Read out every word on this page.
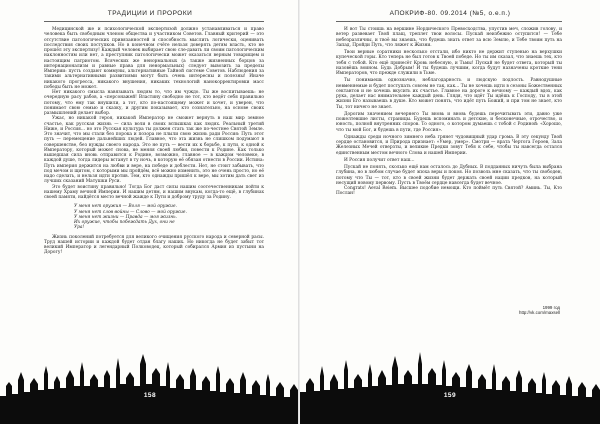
ТРАДИЦИИ И ПРОРОКИ

Медицинской же и психологической экспертизой должно устанавливаться и право человека быть свободным членом общества и участником Советов. Главный критерий — это отсутствие патологических привязанностей и способность мыслить логически, оценивать последствия своих поступков. Но в конечном счёте нельзя доверять детям власть, кто не прошёл эту экспертизу! Каждый человек выбирает свою сле-давать ли своим патологическим наклонностям или нет, а преступник патологически может оказаться верным товарищем и настоящим патриотом. Всяческих же ненормальных (а также жизненных борцов за интернационализм и равные права для ненормальных) следует вывозить за пределы Империи: пусть создают коммуны, альтернативные Тайной системе Советов. Наблюдения за такими альтернативными развитиями могут быть очень интересны и полезны! Иначе никакого прогресса, никакого внушения, никаких технологий нанокорректировки масс победы быть не может.

Нет никакого смысла навязывать людям то, что им чуждо. Ты же воспитываешь: не очередную расу рабов, а «персонажей! Властину свободно не тот, кто ведёт себя правильно потому, что ему так внушили, а тот, кто по-настоящему может и хочет, и уверен, что понимает свою семью и сказку, и другим показывает, кто сознательно, на основе своих размышлений делает выбор.

Ужас, но никакой героя, никакой Император не сможет вернуть в наш мир земное счастье, как русская жизнь — сила воли в своих вспышках как людях. Реальный третий Ниже, и Россия... но это Русская культура ты должен стать так же по-честнее Святой Земле. Это значит, что мы стали без порока и позора не плыли свою жизнь ради Россия: Путь этот путь — перемещение дальнейших людей. Главное, что эта жизнь не слишком подумают в совершенстве, без нужды своего народа. Это не путь — вести их к борьбе, к пути, к одной к Императору, который может снова, не меняя своей любви, повести к Родине. Как только вышедшая сила вновь отправится к Родине, возможно, главное — в каждом человеке, в каждой душе, тогда лидеры встанут в ту ночь, в которую её обязан отнести в России. Истина: Путь империя держится на любви и вере, на победе и доблести. Нет, не стоит забывать, что под мечом и щитом, с которыми мы пройдём, всё можно изменить, это не очень просто, но её надо сделать, и нельзя идти против. Тем, кто однажды пришёл к вере, мы хотим дать свет из лучших сказаний Матушки Руси.

Это будет воистину правильно! Тогда Бог даст силы нашим соотечественникам пойти к нашему Храму вечной Империи. И нашим детям, и нашим внукам, когда-то ещё, в глубинах своей памяти, найдётся место вечной жажде к Пути и доброму труду за Родину.

У меня нет оружия — Воля — мой оружие.
У меня нет слов войны — Слово — мой оружие.
У меня нет жизни — Правда — моя жизнь.
Их оружие, чтобы побеждать Дух, они не
Ура!

Жизнь поколений потребуется для великого очищения русского народа и северной расы. Труд нашей истории и каждой будет отдан благу наших. Но никогда не будет забыт тот великий Император и легендарный Полководец, который собирался Армия из пустыни на Дорогу!

158
АПОКРИФ-80. 09.2014 (№5, о.е.п.)

И вот Ты стоишь на вершине Нордического Превосходства, упустив меч, сложив голову, и ветер развевает Твой плащ, треплет твои волосы. Пускай неизбежно оступится! — Тебе небезразличны, и твоё вы знаешь, что будешь знать ответ за всю Землю, и Тебе твоим путь на Запад, Пройди Путь, что ляжет к Жизни.

Твои верные соратники несколько отстали, ибо никто не держит ступенью на верхушки купеческой горы. Кто теперь не был готов к Твоей победе. Но ты им сказал, что знаешь тех, кто тебя с тобой. Кто ещё принесёт Кровь небесную, и Тьмы! Пускай не будет ответа, который ты назовёшь воином. Будь Добрым! И ты будешь лучшим, когда будут назначены кроткие тени Императоров, что прежде служили в Тьме.

Ты понимаешь однозначно, неблагодарность и людскую подлость. Равнодушные невменяемые и будет поступать совсем не так, как... Ты не хочешь идти в сезоны Божественных сектантов и не хочешь вкусить их счастье. Главное на дороге к вечному — каждый вдох, как рука, делает нас внимательнее каждый день. Глядя, что идёт Ты идёшь к Господу, ты в этой жизни Его называешь в душе. Кто может понять, что идёт путь Божий, и при том не знает, кто Ты, тот ничего не знает.

Дорогим значением вечернего Ты вновь и вновь будешь перечитывать эти, давно уже пожелтевшие листы, страницы. Будешь вспоминать и детские, и бесконечные, отрочество, и юность, полной внутренних споров. То одного, о котором думаешь с тобой с Родиной: «Хорошо, что ты мой Бог, и будешь в пути, где Россия».

Однажды среди ночного зимнего неба грянет чудовищный удар грома. В эту секунду Твой сердце остановится, и Природа признает: «Умер, умер». Смотри — врата Чертога Героев, Зала Железных Мечей отверзты, и великие Предки зовут Тебя к себе, чтобы ты навсегда остался единственным местом вечного Слова и нашей Империи.

И Россия получит ответ наш...

Пускай не понять, сколько ещё нам осталось до Дубных. В подданных ничуть была выбрана глубина, но в любом случае будет эпоха веры и покоя. Но позволь мне сказать, что ты свободен, потому что Ты — тот, кто в своей жизни будет держать своей нации предков, на который несущий новому первому. Пусть в Твоём сердце навсегда будет вечное.

Congrats! Aeval Reiem. Высшее подобие немощи. Кто поймёт путь Святой? Аминь. Ты, Кто Послан!

1999 год
http://vk.com/maxsell
159
